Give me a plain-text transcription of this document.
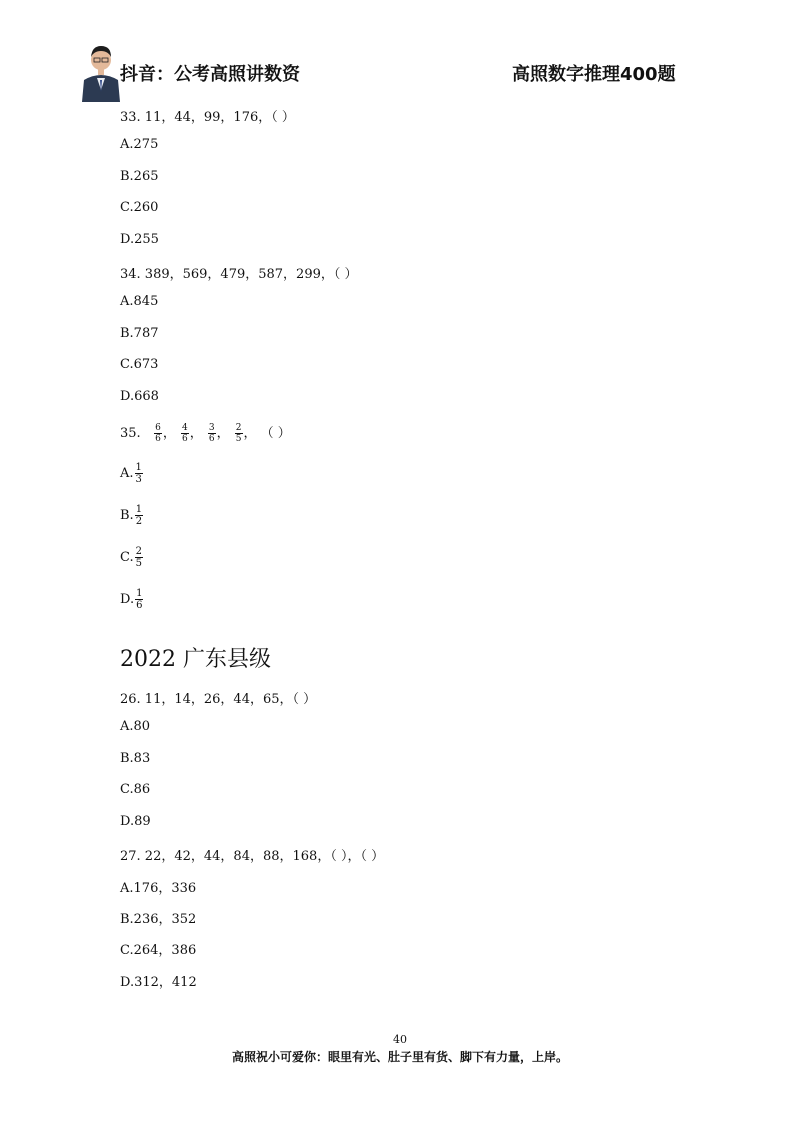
抖音：公考高照讲数资	高照数字推理400题
33. 11，44，99，176，（ ）
A.275
B.265
C.260
D.255
34. 389，569，479，587，299，（ ）
A.845
B.787
C.673
D.668
35. $\frac{6}{6}$ ， $\frac{4}{6}$ ， $\frac{3}{6}$ ， $\frac{2}{5}$ ， （ ）
A. $\frac{1}{3}$
B. $\frac{1}{2}$
C. $\frac{2}{5}$
D. $\frac{1}{6}$
2022 广东县级
26. 11，14，26，44，65，（ ）
A.80
B.83
C.86
D.89
27. 22，42，44，84，88，168，（ ），（ ）
A.176，336
B.236，352
C.264，386
D.312，412
40
高照祝小可爱你：眼里有光、肚子里有货、脚下有力量，上岸。
